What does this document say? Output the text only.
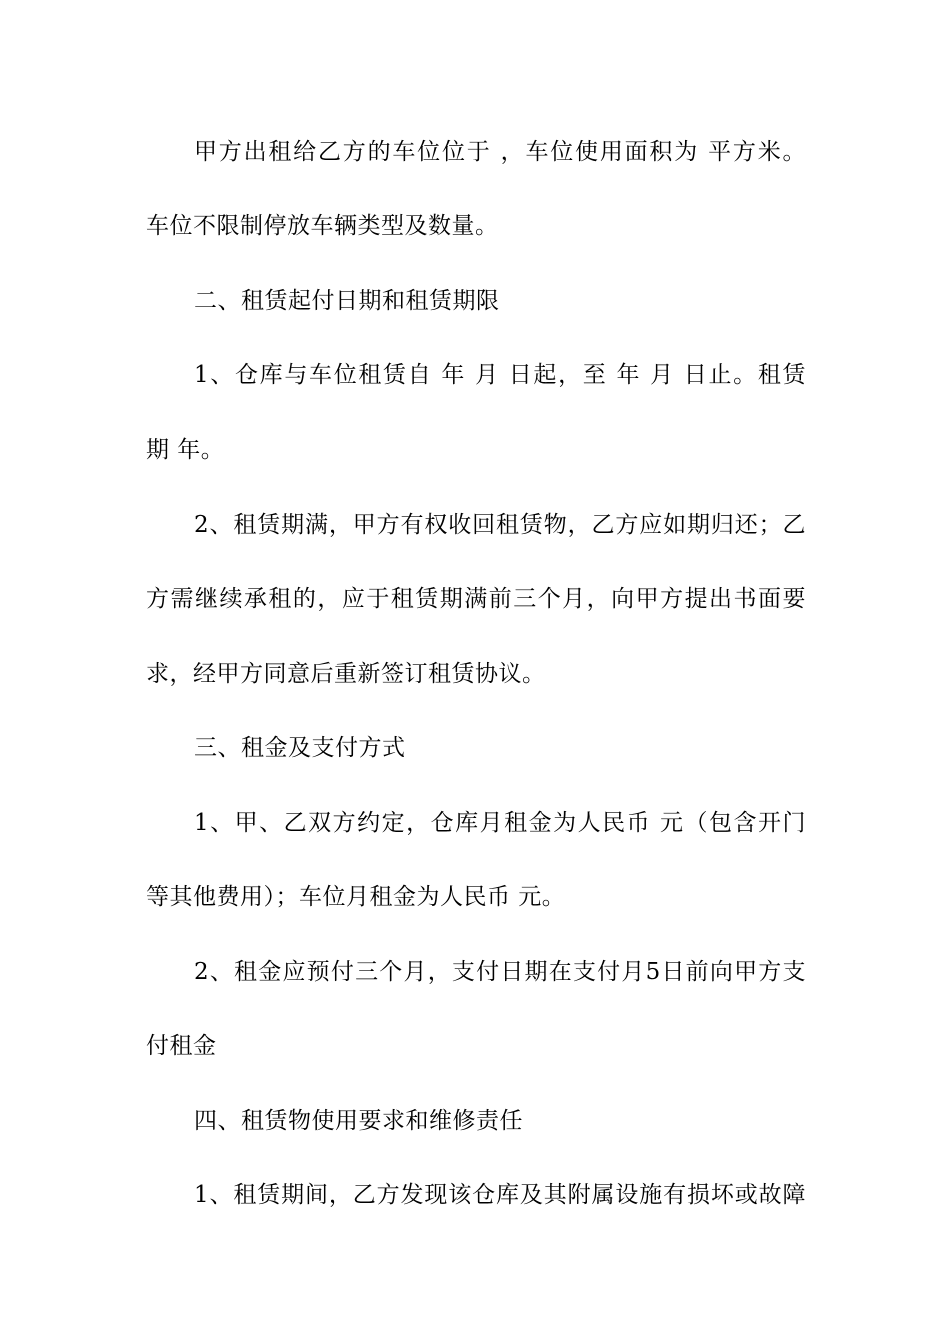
甲方出租给乙方的车位位于 ，车位使用面积为 平方米。
车位不限制停放车辆类型及数量。
二、租赁起付日期和租赁期限
1、仓库与车位租赁自 年 月 日起，至 年 月 日止。租赁
期 年。
2、租赁期满，甲方有权收回租赁物，乙方应如期归还；乙
方需继续承租的，应于租赁期满前三个月，向甲方提出书面要
求，经甲方同意后重新签订租赁协议。
三、租金及支付方式
1、甲、乙双方约定，仓库月租金为人民币 元（包含开门
等其他费用）；车位月租金为人民币 元。
2、租金应预付三个月，支付日期在支付月5日前向甲方支
付租金
四、租赁物使用要求和维修责任
1、租赁期间，乙方发现该仓库及其附属设施有损坏或故障
